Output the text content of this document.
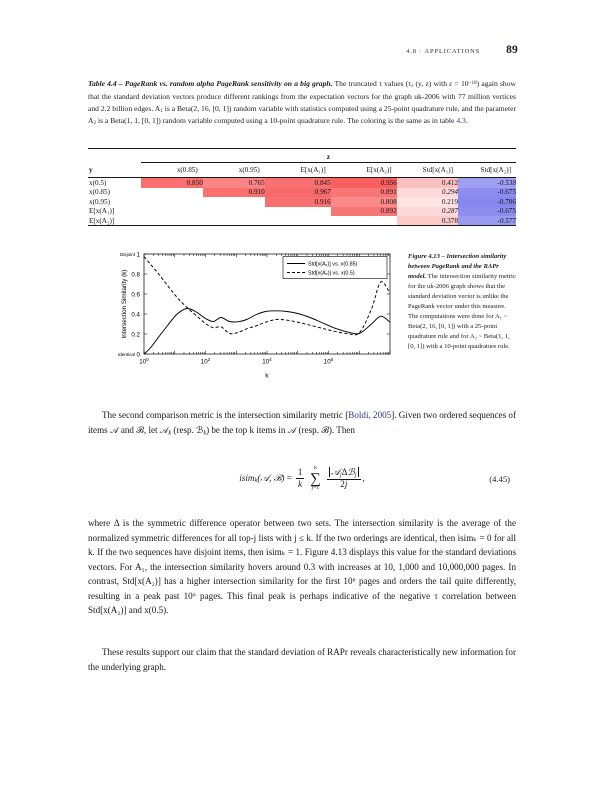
4.8 · APPLICATIONS 89
Table 4.4 – PageRank vs. random alpha PageRank sensitivity on a big graph. The truncated τ values ($\tau_\varepsilon$ (y, z) with $\varepsilon = 10^{-18}$) again show that the standard deviation vectors produce different rankings from the expectation vectors for the graph uk-2006 with 77 million vertices and 2.2 billion edges. $A_1$ is a Beta(2, 16, [0, 1]) random variable with statistics computed using a 25-point quadrature rule, and the parameter $A_2$ is a Beta(1, 1, [0, 1]) random variable computed using a 10-point quadrature rule. The coloring is the same as in table 4.3.
	z					
y	x(0.85)	x(0.95)	E[x(A₁)]	E[x(A₂)]	Std[x(A₁)]	Std[x(A₂)]
x(0.5)	0.850	0.765	0.845	0.956	0.412	-0.538
x(0.85)		0.910	0.967	0.891	0.294	-0.675
x(0.95)			0.916	0.808	0.219	-0.706
E[x(A₁)]				0.892	0.287	-0.675
E[x(A₂)]					0.378	-0.577
0
0.2
0.4
0.6
0.8
1
$10^0$	$10^2$	$10^4$	$10^6$
k
Intersection Similarity (k)
Disjoint
Identical
Std[x(A₁)] vs. x(0.85)
Std[x(A₂)] vs. x(0.5)
Figure 4.13 – Intersection similarity between PageRank and the RAPr model. The intersection similarity metric for the uk-2006 graph shows that the standard deviation vector is unlike the PageRank vector under this measure. The computations were done for A₁ ~ Beta(2, 16, [0, 1]) with a 25-point quadrature rule and for A₂ ~ Beta(1, 1, [0, 1]) with a 10-point quadrature rule.
The second comparison metric is the intersection similarity metric [Boldi, 2005]. Given two ordered sequences of items 𝒜 and ℬ, let 𝒜$_k$ (resp. ℬ$_k$) be the top k items in 𝒜 (resp. ℬ). Then
isim$_k$(𝒜, ℬ) = $\frac{1}{k}$

k
∑
j=1
$\frac{𝒜_j\Delta ℬ_j}{2j}$ ,	(4.45)
where Δ is the symmetric difference operator between two sets. The intersection similarity is the average of the normalized symmetric differences for all top-j lists with j ≤ k. If the two orderings are identical, then isimₖ = 0 for all k. If the two sequences have disjoint items, then isimₖ = 1. Figure 4.13 displays this value for the standard deviations vectors. For A₁, the intersection similarity hovers around 0.3 with increases at 10, 1,000 and 10,000,000 pages. In contrast, Std[x(A₂)] has a higher intersection similarity for the first 10⁶ pages and orders the tail quite differently, resulting in a peak past 10⁶ pages. This final peak is perhaps indicative of the negative τ correlation between Std[x(A₂)] and x(0.5).
These results support our claim that the standard deviation of RAPr reveals characteristically new information for the underlying graph.
